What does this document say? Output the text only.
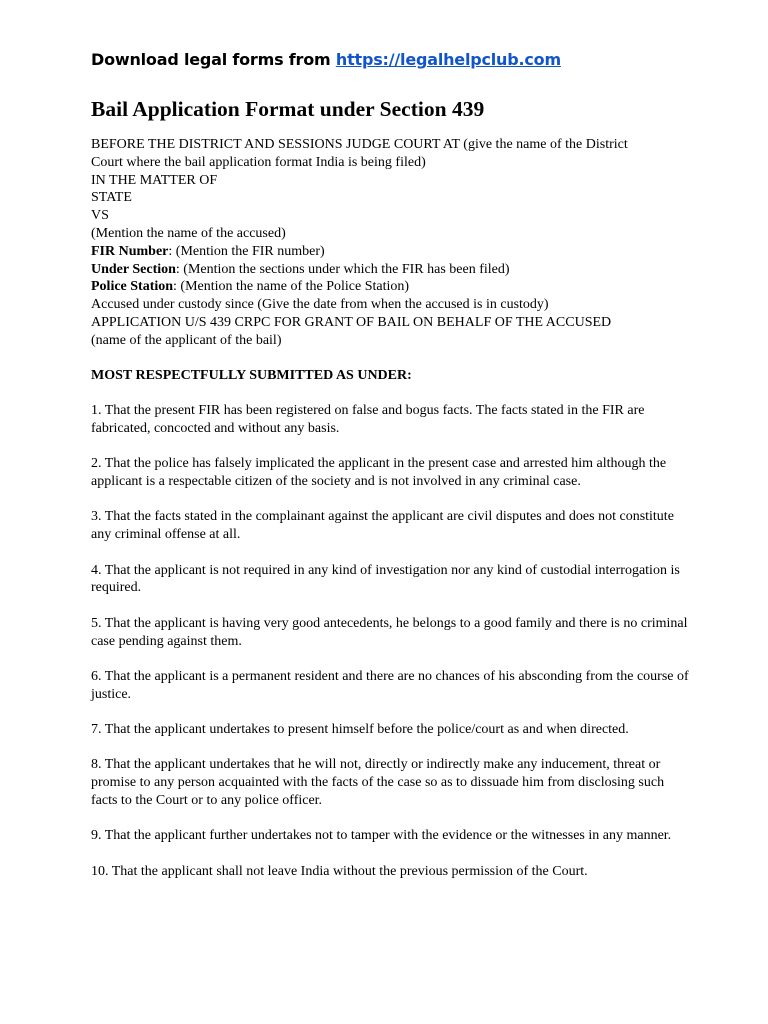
Download legal forms from https://legalhelpclub.com

Bail Application Format under Section 439
BEFORE THE DISTRICT AND SESSIONS JUDGE COURT AT (give the name of the District
Court where the bail application format India is being filed)
IN THE MATTER OF
STATE
VS
(Mention the name of the accused)
FIR Number: (Mention the FIR number)
Under Section: (Mention the sections under which the FIR has been filed)
Police Station: (Mention the name of the Police Station)
Accused under custody since (Give the date from when the accused is in custody)
APPLICATION U/S 439 CRPC FOR GRANT OF BAIL ON BEHALF OF THE ACCUSED
(name of the applicant of the bail)
MOST RESPECTFULLY SUBMITTED AS UNDER:
1. That the present FIR has been registered on false and bogus facts. The facts stated in the FIR are fabricated, concocted and without any basis.
2. That the police has falsely implicated the applicant in the present case and arrested him although the applicant is a respectable citizen of the society and is not involved in any criminal case.
3. That the facts stated in the complainant against the applicant are civil disputes and does not constitute any criminal offense at all.
4. That the applicant is not required in any kind of investigation nor any kind of custodial interrogation is required.
5. That the applicant is having very good antecedents, he belongs to a good family and there is no criminal case pending against them.
6. That the applicant is a permanent resident and there are no chances of his absconding from the course of justice.
7. That the applicant undertakes to present himself before the police/court as and when directed.
8. That the applicant undertakes that he will not, directly or indirectly make any inducement, threat or promise to any person acquainted with the facts of the case so as to dissuade him from disclosing such facts to the Court or to any police officer.
9. That the applicant further undertakes not to tamper with the evidence or the witnesses in any manner.
10. That the applicant shall not leave India without the previous permission of the Court.
